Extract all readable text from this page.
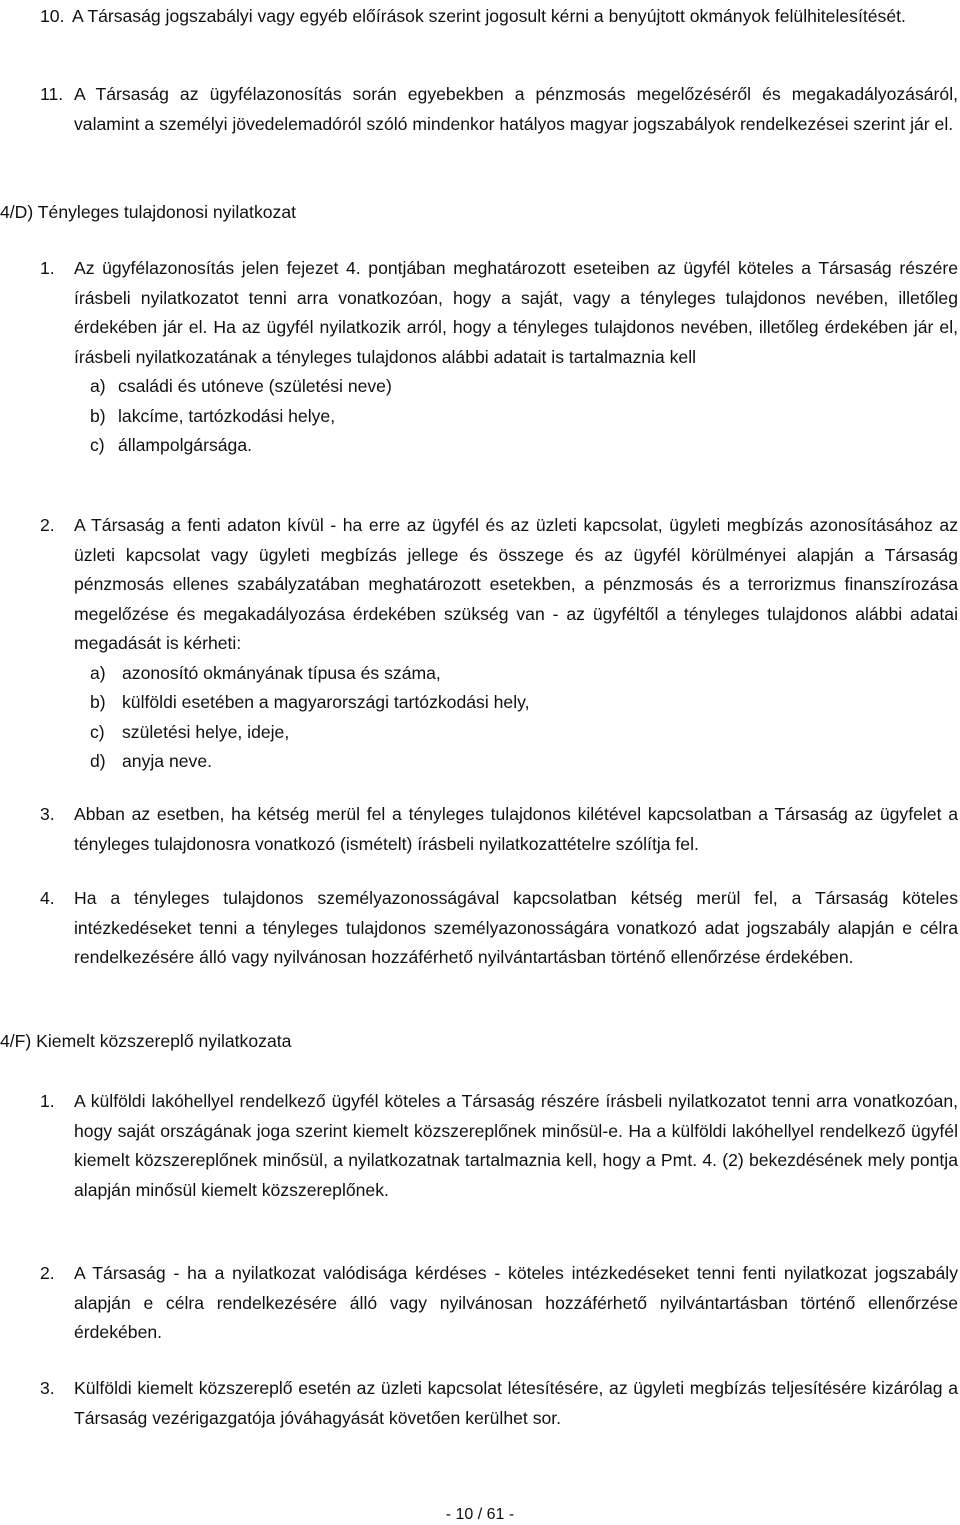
10. A Társaság jogszabályi vagy egyéb előírások szerint jogosult kérni a benyújtott okmányok felülhitelesítését.
11. A Társaság az ügyfélazonosítás során egyebekben a pénzmosás megelőzéséről és megakadályozásáról, valamint a személyi jövedelemadóról szóló mindenkor hatályos magyar jogszabályok rendelkezései szerint jár el.
4/D) Tényleges tulajdonosi nyilatkozat
1.	Az ügyfélazonosítás jelen fejezet 4. pontjában meghatározott eseteiben az ügyfél köteles a Társaság részére írásbeli nyilatkozatot tenni arra vonatkozóan, hogy a saját, vagy a tényleges tulajdonos nevében, illetőleg érdekében jár el. Ha az ügyfél nyilatkozik arról, hogy a tényleges tulajdonos nevében, illetőleg érdekében jár el, írásbeli nyilatkozatának a tényleges tulajdonos alábbi adatait is tartalmaznia kell
a) családi és utóneve (születési neve)
b) lakcíme, tartózkodási helye,
c) állampolgársága.
2.	A Társaság a fenti adaton kívül - ha erre az ügyfél és az üzleti kapcsolat, ügyleti megbízás azonosításához az üzleti kapcsolat vagy ügyleti megbízás jellege és összege és az ügyfél körülményei alapján a Társaság pénzmosás ellenes szabályzatában meghatározott esetekben, a pénzmosás és a terrorizmus finanszírozása megelőzése és megakadályozása érdekében szükség van - az ügyféltől a tényleges tulajdonos alábbi adatai megadását is kérheti:
a) azonosító okmányának típusa és száma,
b) külföldi esetében a magyarországi tartózkodási hely,
c) születési helye, ideje,
d) anyja neve.
3.	Abban az esetben, ha kétség merül fel a tényleges tulajdonos kilétével kapcsolatban a Társaság az ügyfelet a tényleges tulajdonosra vonatkozó (ismételt) írásbeli nyilatkozattételre szólítja fel.
4.	Ha a tényleges tulajdonos személyazonosságával kapcsolatban kétség merül fel, a Társaság köteles intézkedéseket tenni a tényleges tulajdonos személyazonosságára vonatkozó adat jogszabály alapján e célra rendelkezésére álló vagy nyilvánosan hozzáférhető nyilvántartásban történő ellenőrzése érdekében.
4/F) Kiemelt közszereplő nyilatkozata
1.	A külföldi lakóhellyel rendelkező ügyfél köteles a Társaság részére írásbeli nyilatkozatot tenni arra vonatkozóan, hogy saját országának joga szerint kiemelt közszereplőnek minősül-e. Ha a külföldi lakóhellyel rendelkező ügyfél kiemelt közszereplőnek minősül, a nyilatkozatnak tartalmaznia kell, hogy a Pmt. 4. (2) bekezdésének mely pontja alapján minősül kiemelt közszereplőnek.
2.	A Társaság - ha a nyilatkozat valódisága kérdéses - köteles intézkedéseket tenni fenti nyilatkozat jogszabály alapján e célra rendelkezésére álló vagy nyilvánosan hozzáférhető nyilvántartásban történő ellenőrzése érdekében.
3.	Külföldi kiemelt közszereplő esetén az üzleti kapcsolat létesítésére, az ügyleti megbízás teljesítésére kizárólag a Társaság vezérigazgatója jóváhagyását követően kerülhet sor.
- 10 / 61 -
